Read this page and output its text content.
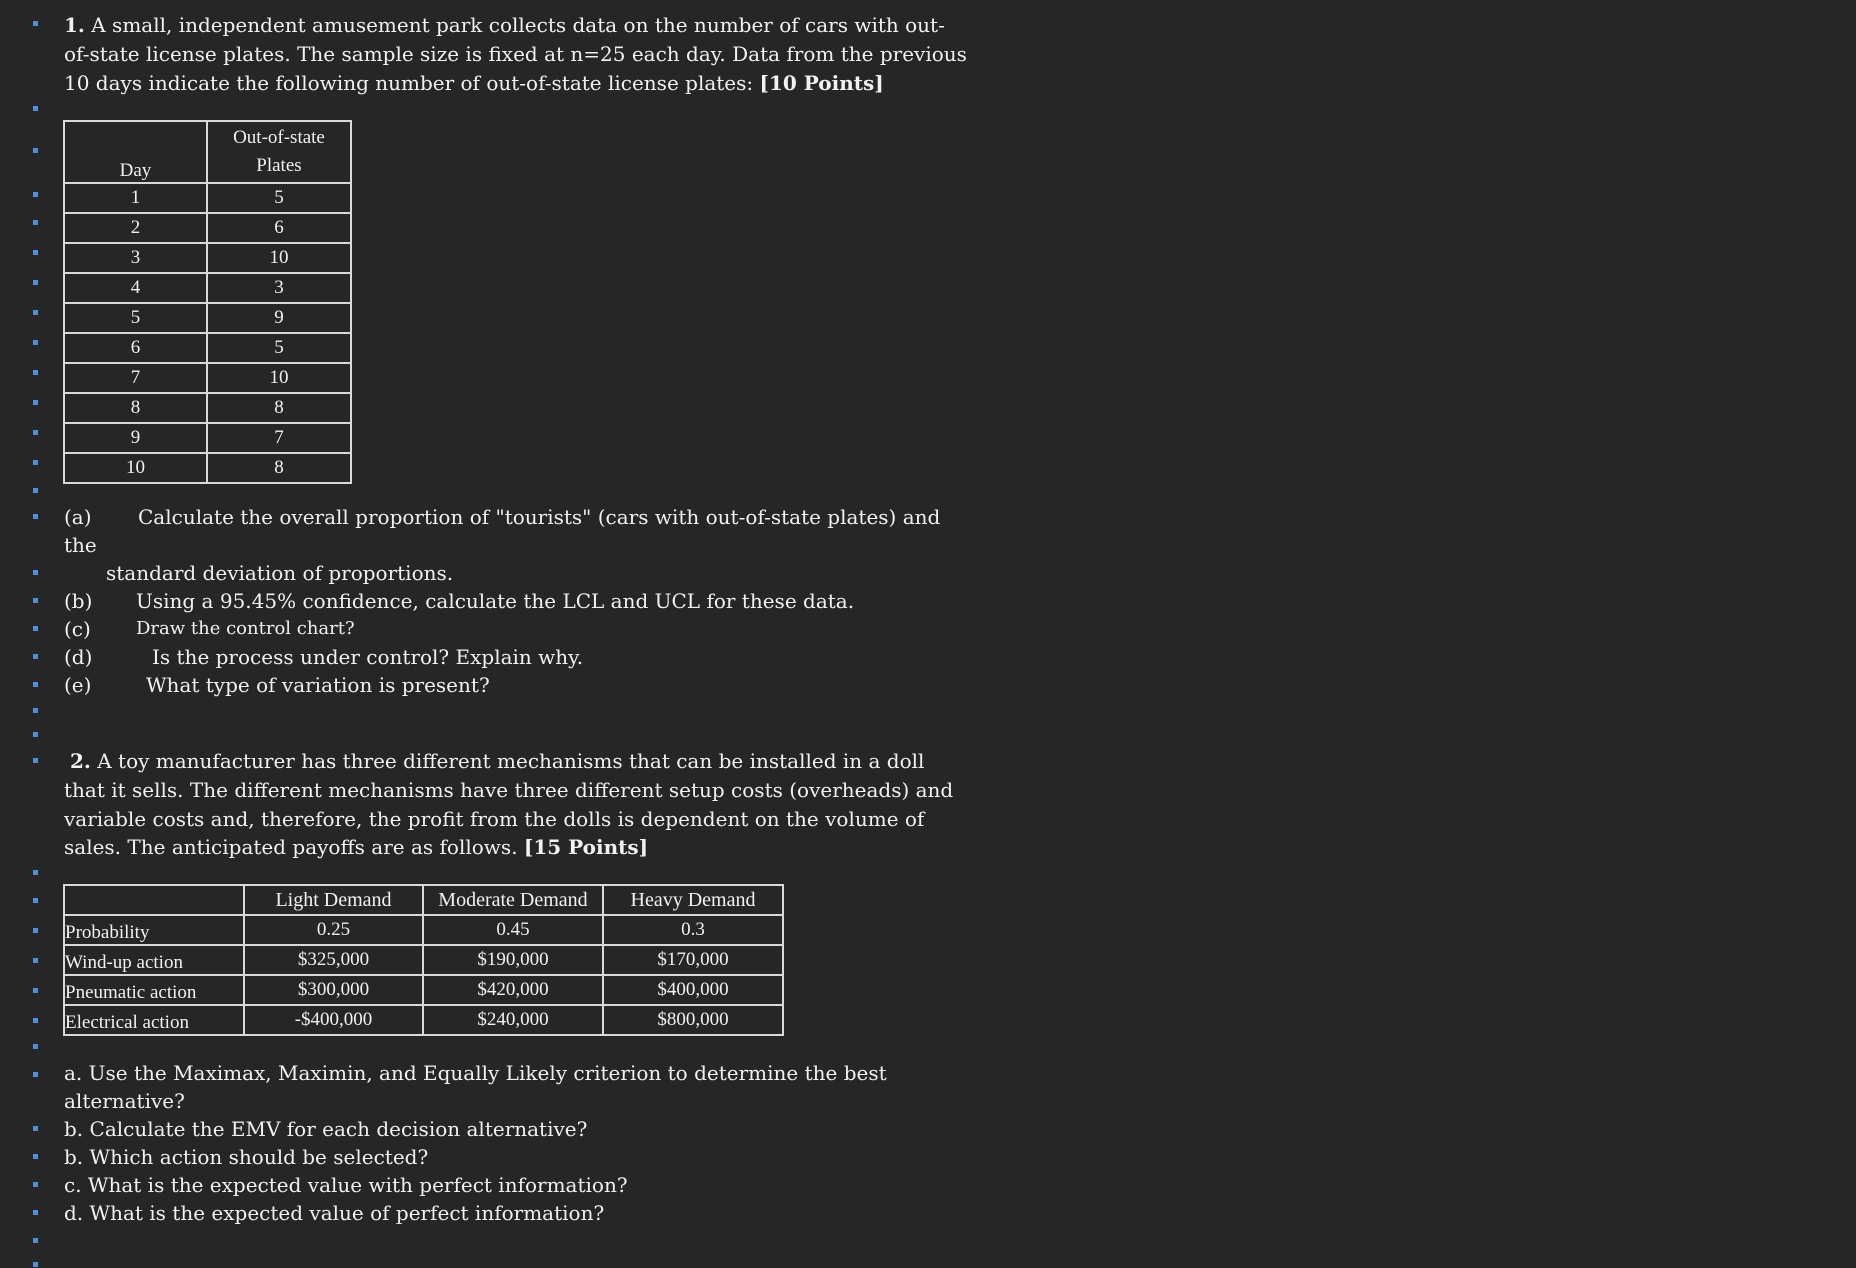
1. A small, independent amusement park collects data on the number of cars with out-
of-state license plates. The sample size is fixed at n=25 each day. Data from the previous
10 days indicate the following number of out-of-state license plates: [10 Points]
Day	Out-of-state
Plates
1	5
2	6
3	10
4	3
5	9
6	5
7	10
8	8
9	7
10	8
(a) Calculate the overall proportion of "tourists" (cars with out-of-state plates) and
the
standard deviation of proportions.
(b) Using a 95.45% confidence, calculate the LCL and UCL for these data.
(c)	Draw the control chart?
(d)	Is the process under control? Explain why.
(e)	What type of variation is present?
2. A toy manufacturer has three different mechanisms that can be installed in a doll
that it sells. The different mechanisms have three different setup costs (overheads) and
variable costs and, therefore, the profit from the dolls is dependent on the volume of
sales. The anticipated payoffs are as follows. [15 Points]
	Light Demand	Moderate Demand	Heavy Demand
Probability	0.25	0.45	0.3
Wind-up action	$325,000	$190,000	$170,000
Pneumatic action	$300,000	$420,000	$400,000
Electrical action	-$400,000	$240,000	$800,000
a. Use the Maximax, Maximin, and Equally Likely criterion to determine the best
alternative?
b. Calculate the EMV for each decision alternative?
b. Which action should be selected?
c. What is the expected value with perfect information?
d. What is the expected value of perfect information?
